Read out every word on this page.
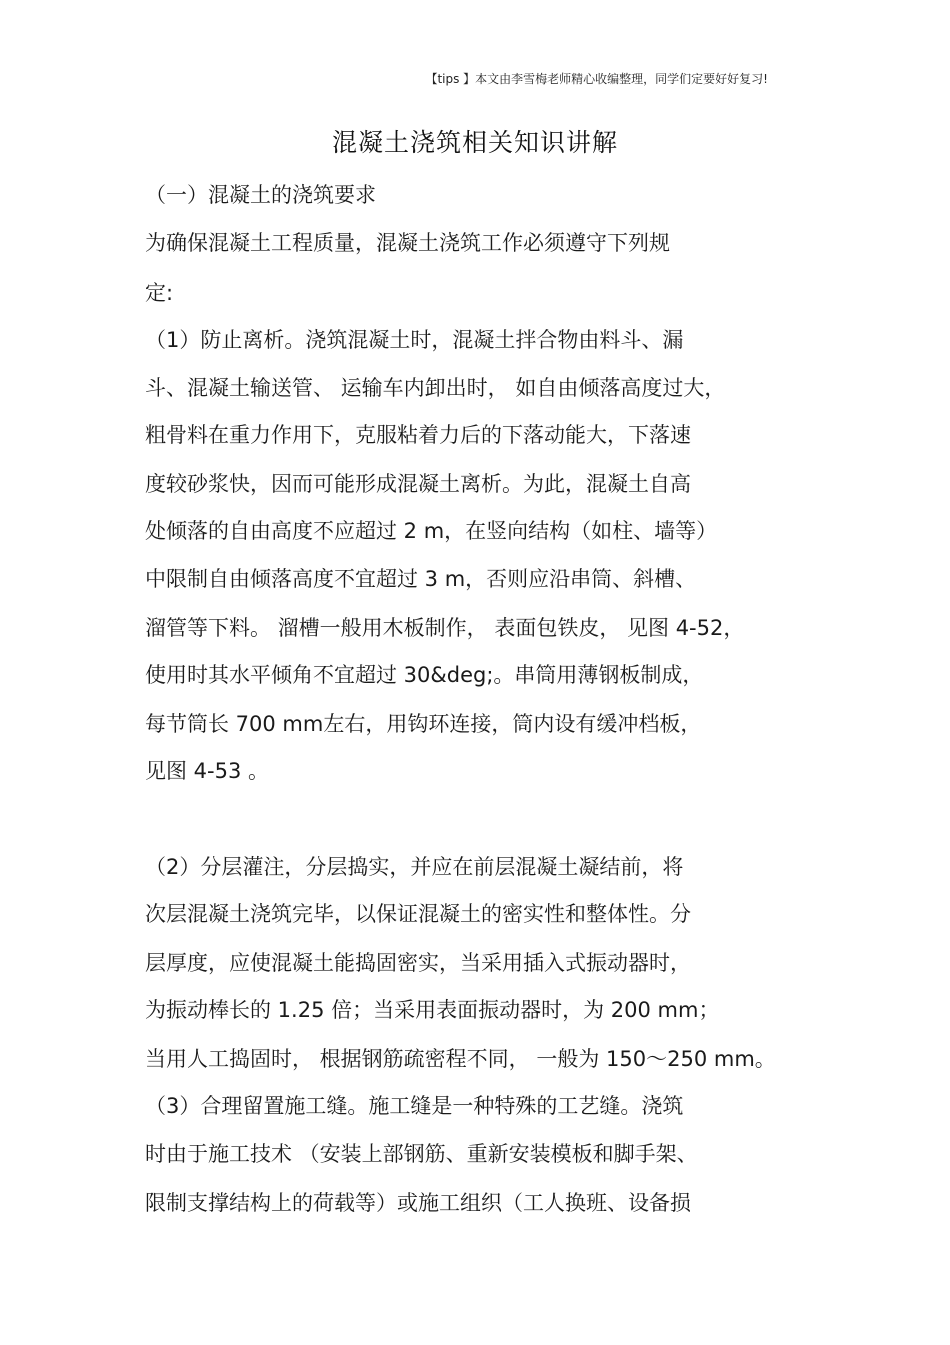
【tips 】本文由李雪梅老师精心收编整理，同学们定要好好复习!
混凝土浇筑相关知识讲解
（一）混凝土的浇筑要求
为确保混凝土工程质量，混凝土浇筑工作必须遵守下列规
定:
（1）防止离析。浇筑混凝土时，混凝土拌合物由料斗、漏
斗、混凝土输送管、 运输车内卸出时， 如自由倾落高度过大，
粗骨料在重力作用下，克服粘着力后的下落动能大，下落速
度较砂浆快，因而可能形成混凝土离析。为此，混凝土自高
处倾落的自由高度不应超过 2 m，在竖向结构（如柱、墙等）
中限制自由倾落高度不宜超过 3 m，否则应沿串筒、斜槽、
溜管等下料。 溜槽一般用木板制作， 表面包铁皮， 见图 4-52，
使用时其水平倾角不宜超过 30&deg;。串筒用薄钢板制成，
每节筒长 700 mm左右，用钩环连接，筒内设有缓冲档板，
见图 4-53 。
（2）分层灌注，分层捣实，并应在前层混凝土凝结前，将
次层混凝土浇筑完毕，以保证混凝土的密实性和整体性。分
层厚度，应使混凝土能捣固密实，当采用插入式振动器时，
为振动棒长的 1.25 倍；当采用表面振动器时，为 200 mm；
当用人工捣固时， 根据钢筋疏密程不同， 一般为 150～250 mm。
（3）合理留置施工缝。施工缝是一种特殊的工艺缝。浇筑
时由于施工技术 （安装上部钢筋、重新安装模板和脚手架、
限制支撑结构上的荷载等）或施工组织（工人换班、设备损
